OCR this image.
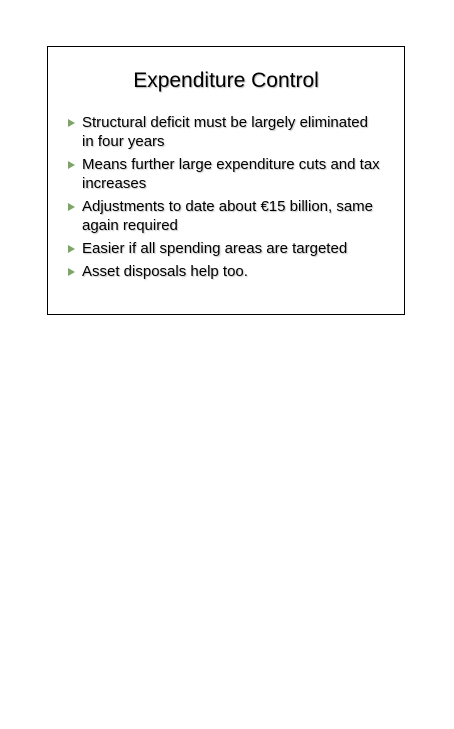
Expenditure Control
Structural deficit must be largely eliminated in four years
Means further large expenditure cuts and tax increases
Adjustments to date about €15 billion, same again required
Easier if all spending areas are targeted
Asset disposals help too.
